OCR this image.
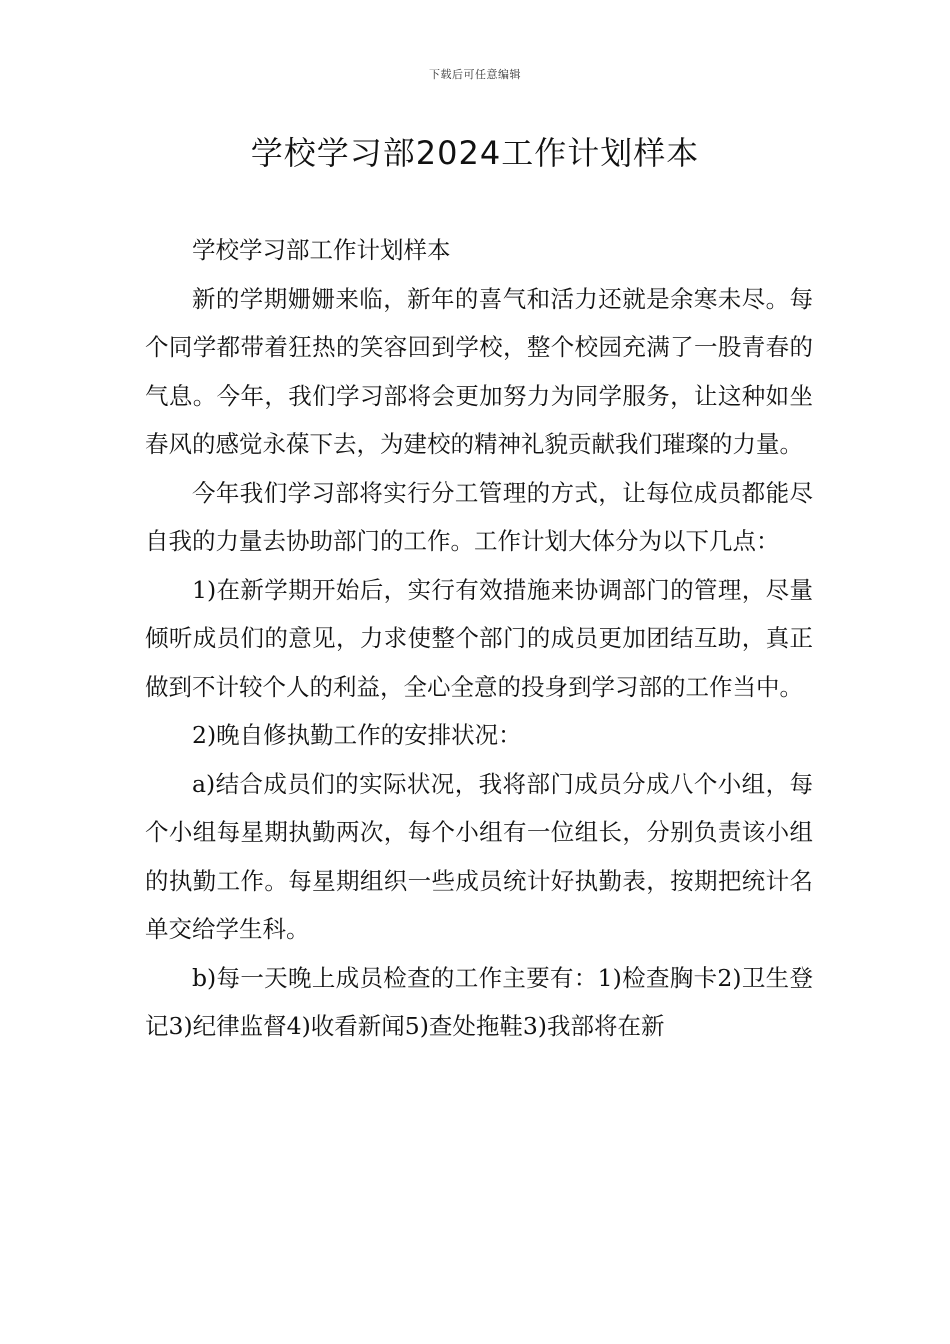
下载后可任意编辑
学校学习部2024工作计划样本

学校学习部工作计划样本

新的学期姗姗来临，新年的喜气和活力还就是余寒未尽。每个同学都带着狂热的笑容回到学校，整个校园充满了一股青春的气息。今年，我们学习部将会更加努力为同学服务，让这种如坐春风的感觉永葆下去，为建校的精神礼貌贡献我们璀璨的力量。

今年我们学习部将实行分工管理的方式，让每位成员都能尽自我的力量去协助部门的工作。工作计划大体分为以下几点：

1)在新学期开始后，实行有效措施来协调部门的管理，尽量倾听成员们的意见，力求使整个部门的成员更加团结互助，真正做到不计较个人的利益，全心全意的投身到学习部的工作当中。

2)晚自修执勤工作的安排状况：

a)结合成员们的实际状况，我将部门成员分成八个小组，每个小组每星期执勤两次，每个小组有一位组长，分别负责该小组的执勤工作。每星期组织一些成员统计好执勤表，按期把统计名单交给学生科。

b)每一天晚上成员检查的工作主要有：1)检查胸卡2)卫生登记3)纪律监督4)收看新闻5)查处拖鞋3)我部将在新
